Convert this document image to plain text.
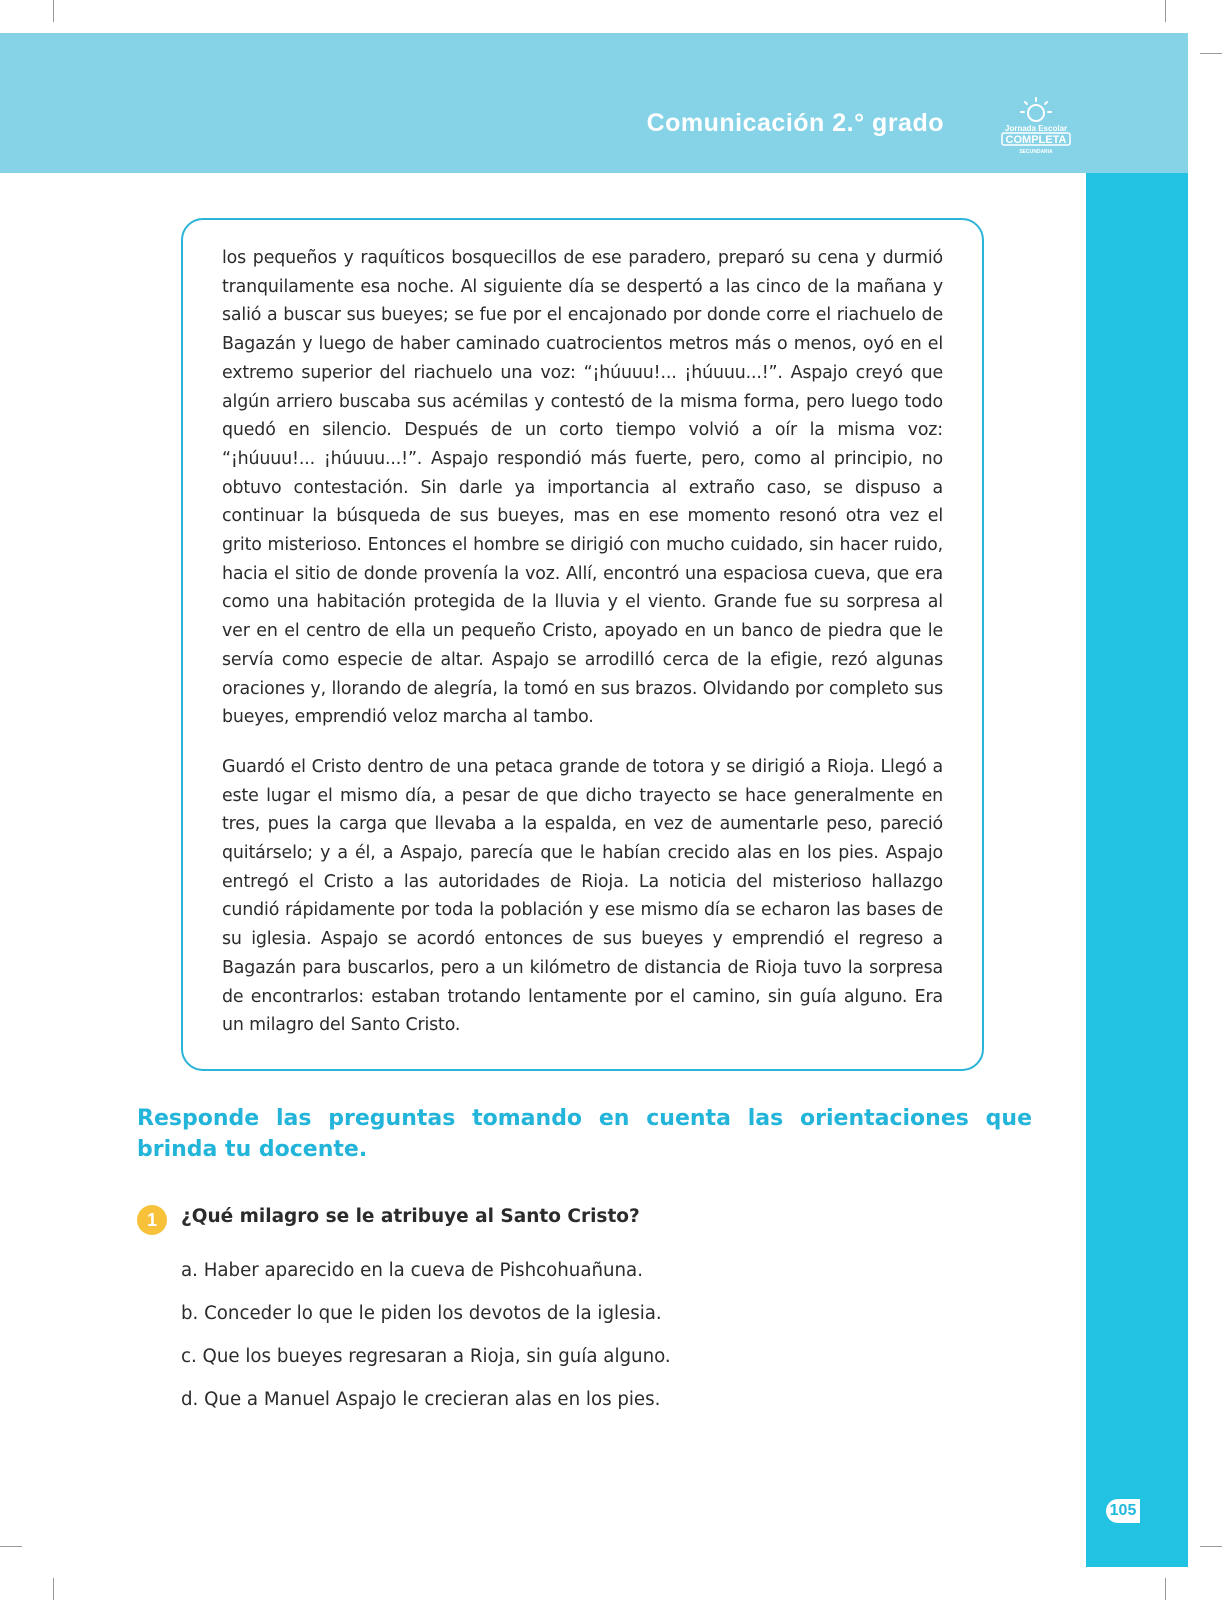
Comunicación 2.° grado	Jornada Escolar
COMPLETA
SECUNDARIA
105

los pequeños y raquíticos bosquecillos de ese paradero, preparó su cena y durmió tranquilamente esa noche. Al siguiente día se despertó a las cinco de la mañana y salió a buscar sus bueyes; se fue por el encajonado por donde corre el riachuelo de Bagazán y luego de haber caminado cuatrocientos metros más o menos, oyó en el extremo superior del riachuelo una voz: “¡húuuu!... ¡húuuu...!”. Aspajo creyó que algún arriero buscaba sus acémilas y contestó de la misma forma, pero luego todo quedó en silencio. Después de un corto tiempo volvió a oír la misma voz: “¡húuuu!... ¡húuuu...!”. Aspajo respondió más fuerte, pero, como al principio, no obtuvo contestación. Sin darle ya importancia al extraño caso, se dispuso a continuar la búsqueda de sus bueyes, mas en ese momento resonó otra vez el grito misterioso. Entonces el hombre se dirigió con mucho cuidado, sin hacer ruido, hacia el sitio de donde provenía la voz. Allí, encontró una espaciosa cueva, que era como una habitación protegida de la lluvia y el viento. Grande fue su sorpresa al ver en el centro de ella un pequeño Cristo, apoyado en un banco de piedra que le servía como especie de altar. Aspajo se arrodilló cerca de la efigie, rezó algunas oraciones y, llorando de alegría, la tomó en sus brazos. Olvidando por completo sus bueyes, emprendió veloz marcha al tambo.

Guardó el Cristo dentro de una petaca grande de totora y se dirigió a Rioja. Llegó a este lugar el mismo día, a pesar de que dicho trayecto se hace generalmente en tres, pues la carga que llevaba a la espalda, en vez de aumentarle peso, pareció quitárselo; y a él, a Aspajo, parecía que le habían crecido alas en los pies. Aspajo entregó el Cristo a las autoridades de Rioja. La noticia del misterioso hallazgo cundió rápidamente por toda la población y ese mismo día se echaron las bases de su iglesia. Aspajo se acordó entonces de sus bueyes y emprendió el regreso a Bagazán para buscarlos, pero a un kilómetro de distancia de Rioja tuvo la sorpresa de encontrarlos: estaban trotando lentamente por el camino, sin guía alguno. Era un milagro del Santo Cristo.

Responde las preguntas tomando en cuenta las orientaciones que brinda tu docente.
1	¿Qué milagro se le atribuye al Santo Cristo?
a. Haber aparecido en la cueva de Pishcohuañuna.
b. Conceder lo que le piden los devotos de la iglesia.
c. Que los bueyes regresaran a Rioja, sin guía alguno.
d. Que a Manuel Aspajo le crecieran alas en los pies.
